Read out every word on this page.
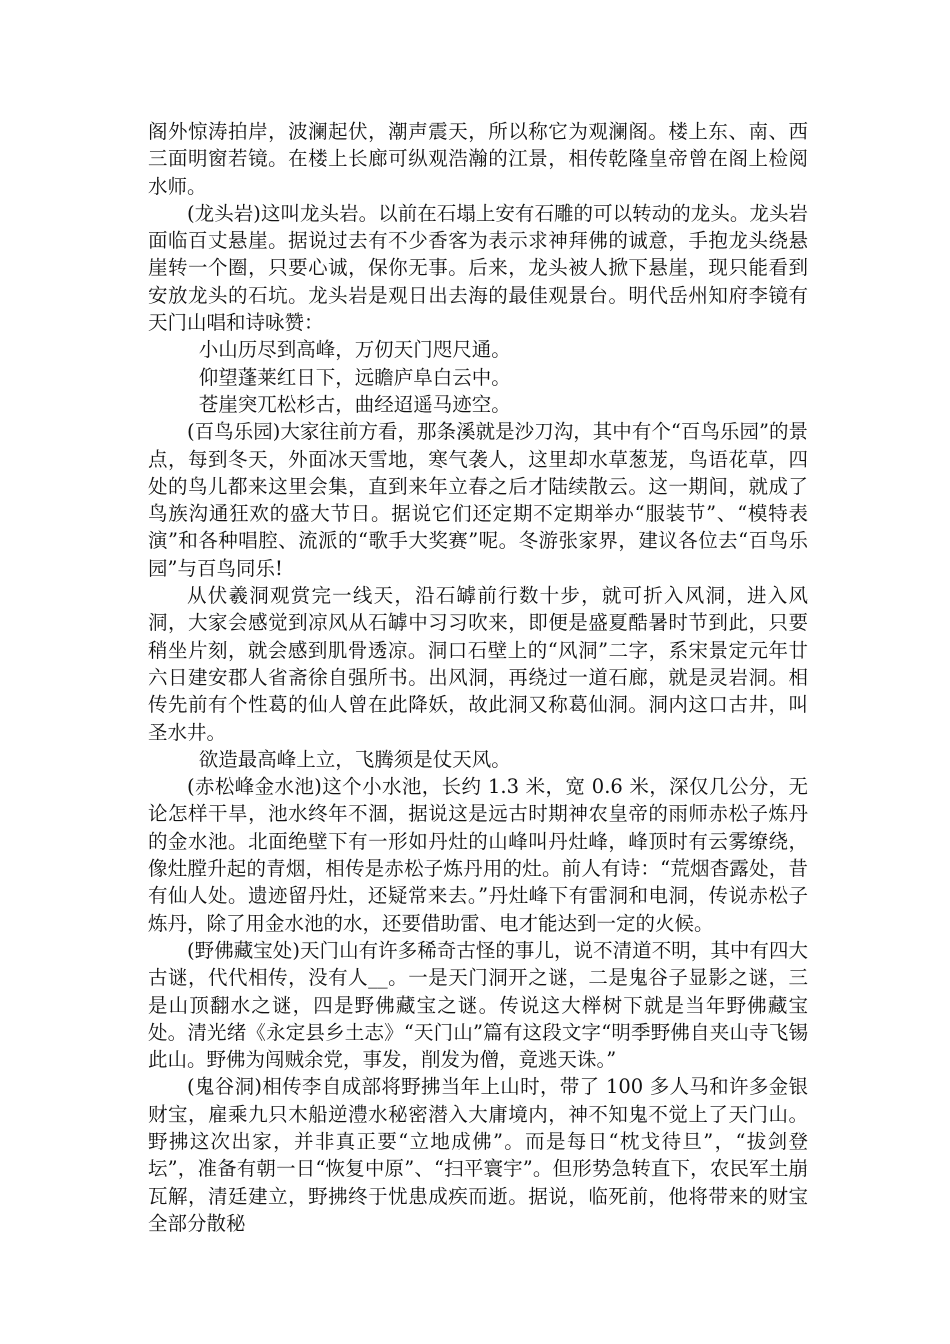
阁外惊涛拍岸，波澜起伏，潮声震天，所以称它为观澜阁。楼上东、南、西三面明窗若镜。在楼上长廊可纵观浩瀚的江景，相传乾隆皇帝曾在阁上检阅水师。

(龙头岩)这叫龙头岩。以前在石塌上安有石雕的可以转动的龙头。龙头岩面临百丈悬崖。据说过去有不少香客为表示求神拜佛的诚意，手抱龙头绕悬崖转一个圈，只要心诚，保你无事。后来，龙头被人掀下悬崖，现只能看到安放龙头的石坑。龙头岩是观日出去海的最佳观景台。明代岳州知府李镜有天门山唱和诗咏赞：

小山历尽到高峰，万仞天门咫尺通。

仰望蓬莱红日下，远瞻庐阜白云中。

苍崖突兀松杉古，曲经迢遥马迹空。

(百鸟乐园)大家往前方看，那条溪就是沙刀沟，其中有个“百鸟乐园”的景点，每到冬天，外面冰天雪地，寒气袭人，这里却水草葱茏，鸟语花草，四处的鸟儿都来这里会集，直到来年立春之后才陆续散云。这一期间，就成了鸟族沟通狂欢的盛大节日。据说它们还定期不定期举办“服装节”、“模特表演”和各种唱腔、流派的“歌手大奖赛”呢。冬游张家界，建议各位去“百鸟乐园”与百鸟同乐!

从伏羲洞观赏完一线天，沿石罅前行数十步，就可折入风洞，进入风洞，大家会感觉到凉风从石罅中习习吹来，即便是盛夏酷暑时节到此，只要稍坐片刻，就会感到肌骨透凉。洞口石壁上的“风洞”二字，系宋景定元年廿六日建安郡人省斋徐自强所书。出风洞，再绕过一道石廊，就是灵岩洞。相传先前有个性葛的仙人曾在此降妖，故此洞又称葛仙洞。洞内这口古井，叫圣水井。

欲造最高峰上立，飞腾须是仗天风。

(赤松峰金水池)这个小水池，长约 1.3 米，宽 0.6 米，深仅几公分，无论怎样干旱，池水终年不涸，据说这是远古时期神农皇帝的雨师赤松子炼丹的金水池。北面绝壁下有一形如丹灶的山峰叫丹灶峰，峰顶时有云雾缭绕，像灶膛升起的青烟，相传是赤松子炼丹用的灶。前人有诗：“荒烟杳露处，昔有仙人处。遗迹留丹灶，还疑常来去。”丹灶峰下有雷洞和电洞，传说赤松子炼丹，除了用金水池的水，还要借助雷、电才能达到一定的火候。

(野佛藏宝处)天门山有许多稀奇古怪的事儿，说不清道不明，其中有四大古谜，代代相传，没有人__。一是天门洞开之谜，二是鬼谷子显影之谜，三是山顶翻水之谜，四是野佛藏宝之谜。传说这大榉树下就是当年野佛藏宝处。清光绪《永定县乡土志》“天门山”篇有这段文字“明季野佛自夹山寺飞锡此山。野佛为闯贼余党，事发，削发为僧，竟逃天诛。”

(鬼谷洞)相传李自成部将野拂当年上山时，带了 100 多人马和许多金银财宝，雇乘九只木船逆澧水秘密潜入大庸境内，神不知鬼不觉上了天门山。野拂这次出家，并非真正要“立地成佛”。而是每日“枕戈待旦”，“拔剑登坛”，准备有朝一日“恢复中原”、“扫平寰宇”。但形势急转直下，农民军土崩瓦解，清廷建立，野拂终于忧患成疾而逝。据说，临死前，他将带来的财宝全部分散秘
